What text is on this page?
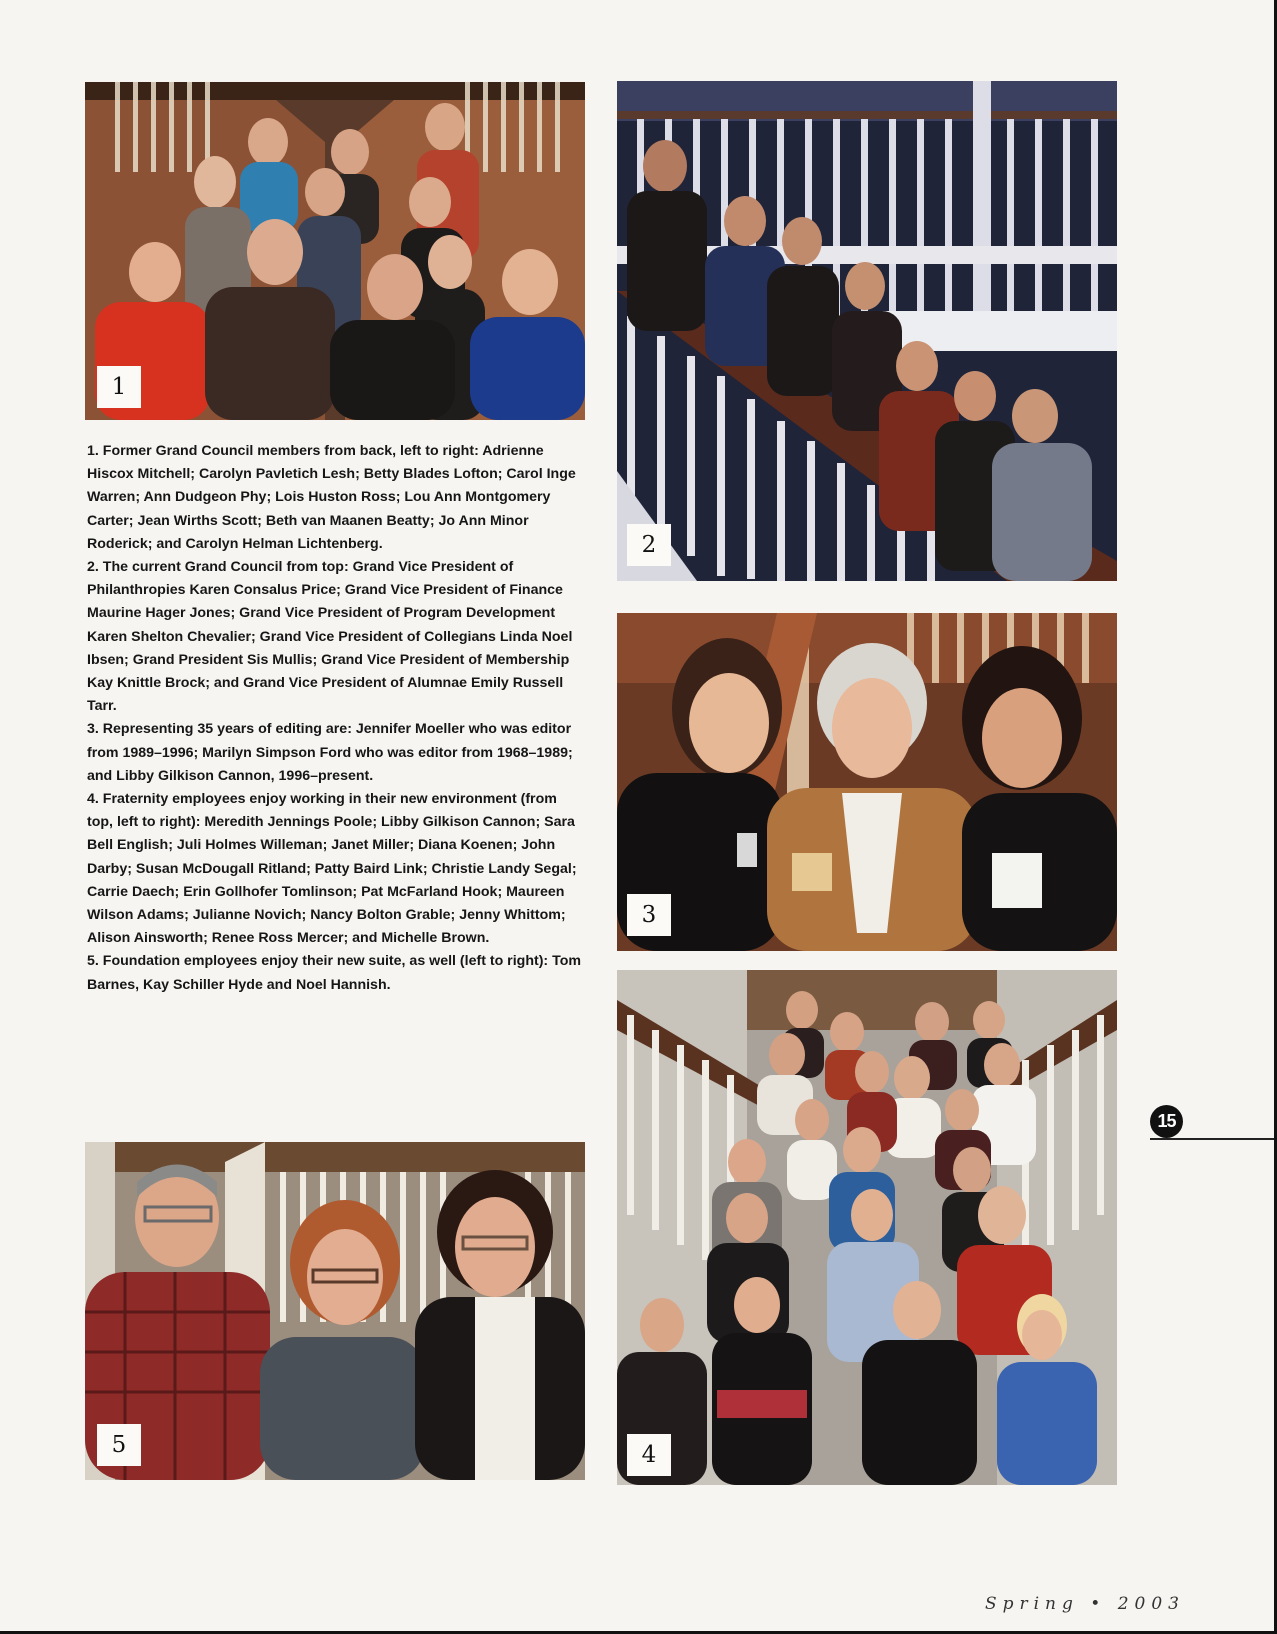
1
2

1. Former Grand Council members from back, left to right: Adrienne Hiscox Mitchell; Carolyn Pavletich Lesh; Betty Blades Lofton; Carol Inge Warren; Ann Dudgeon Phy; Lois Huston Ross; Lou Ann Montgomery Carter; Jean Wirths Scott; Beth van Maanen Beatty; Jo Ann Minor Roderick; and Carolyn Helman Lichtenberg.

2. The current Grand Council from top: Grand Vice President of Philanthropies Karen Consalus Price; Grand Vice President of Finance Maurine Hager Jones; Grand Vice President of Program Development Karen Shelton Chevalier; Grand Vice President of Collegians Linda Noel Ibsen; Grand President Sis Mullis; Grand Vice President of Membership Kay Knittle Brock; and Grand Vice President of Alumnae Emily Russell Tarr.

3. Representing 35 years of editing are: Jennifer Moeller who was editor from 1989–1996; Marilyn Simpson Ford who was editor from 1968–1989; and Libby Gilkison Cannon, 1996–present.

4. Fraternity employees enjoy working in their new environment (from top, left to right): Meredith Jennings Poole; Libby Gilkison Cannon; Sara Bell English; Juli Holmes Willeman; Janet Miller; Diana Koenen; John Darby; Susan McDougall Ritland; Patty Baird Link; Christie Landy Segal; Carrie Daech; Erin Gollhofer Tomlinson; Pat McFarland Hook; Maureen Wilson Adams; Julianne Novich; Nancy Bolton Grable; Jenny Whittom; Alison Ainsworth; Renee Ross Mercer; and Michelle Brown.

5. Foundation employees enjoy their new suite, as well (left to right): Tom Barnes, Kay Schiller Hyde and Noel Hannish.

3
4
5
15
Spring • 2003
